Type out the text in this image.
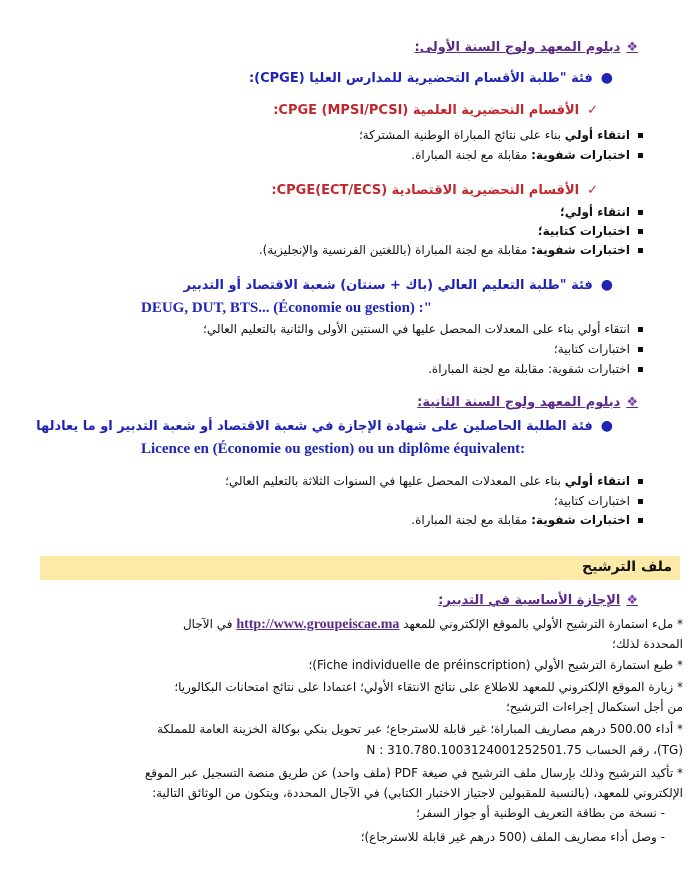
❖دبلوم المعهد ولوج السنة الأولى:
●فئة "طلبة الأقسام التحضيرية للمدارس العليا (CPGE):
✓الأقسام التحضيرية العلمية CPGE (MPSI/PCSI):
انتقاء أولي بناء على نتائج المباراة الوطنية المشتركة؛
اختبارات شفوية: مقابلة مع لجنة المباراة.
✓الأقسام التحضيرية الاقتصادية CPGE(ECT/ECS):
انتقاء أولي؛
اختبارات كتابية؛
اختبارات شفوية: مقابلة مع لجنة المباراة (باللغتين الفرنسية والإنجليزية).
●فئة "طلبة التعليم العالي (باك + سنتان) شعبة الاقتصاد أو التدبير
DEUG, DUT, BTS... (Économie ou gestion) :"
انتقاء أولي بناء على المعدلات المحصل عليها في السنتين الأولى والثانية بالتعليم العالي؛
اختبارات كتابية؛
اختبارات شفوية: مقابلة مع لجنة المباراة.
❖دبلوم المعهد ولوج السنة الثانية:
●فئة الطلبة الحاصلين على شهادة الإجازة في شعبة الاقتصاد أو شعبة التدبير او ما يعادلها
Licence en (Économie ou gestion) ou un diplôme équivalent:
انتقاء أولي بناء على المعدلات المحصل عليها في السنوات الثلاثة بالتعليم العالي؛
اختبارات كتابية؛
اختبارات شفوية: مقابلة مع لجنة المباراة.
ملف الترشيح
❖الإجازة الأساسية في التدبير:
* ملء استمارة الترشيح الأولي بالموقع الإلكتروني للمعهد http://www.groupeiscae.ma في الآجال
المحددة لذلك؛
* طبع استمارة الترشيح الأولي (Fiche individuelle de préinscription)؛
* زيارة الموقع الإلكتروني للمعهد للاطلاع على نتائج الانتقاء الأولي؛ اعتمادا على نتائج امتحانات البكالوريا؛
من أجل استكمال إجراءات الترشيح؛
* أداء 500.00 درهم مصاريف المباراة؛ غير قابلة للاسترجاع؛ عبر تحويل بنكي بوكالة الخزينة العامة للمملكة
(TG)، رقم الحساب N : 310.780.1003124001252501.75
* تأكيد الترشيح وذلك بإرسال ملف الترشيح في صيغة PDF (ملف واحد) عن طريق منصة التسجيل عبر الموقع
الإلكتروني للمعهد، (بالنسبة للمقبولين لاجتياز الاختبار الكتابي) في الآجال المحددة، ويتكون من الوثائق التالية:
- نسخة من بطاقة التعريف الوطنية أو جواز السفر؛
- وصل أداء مصاريف الملف (500 درهم غير قابلة للاسترجاع)؛
